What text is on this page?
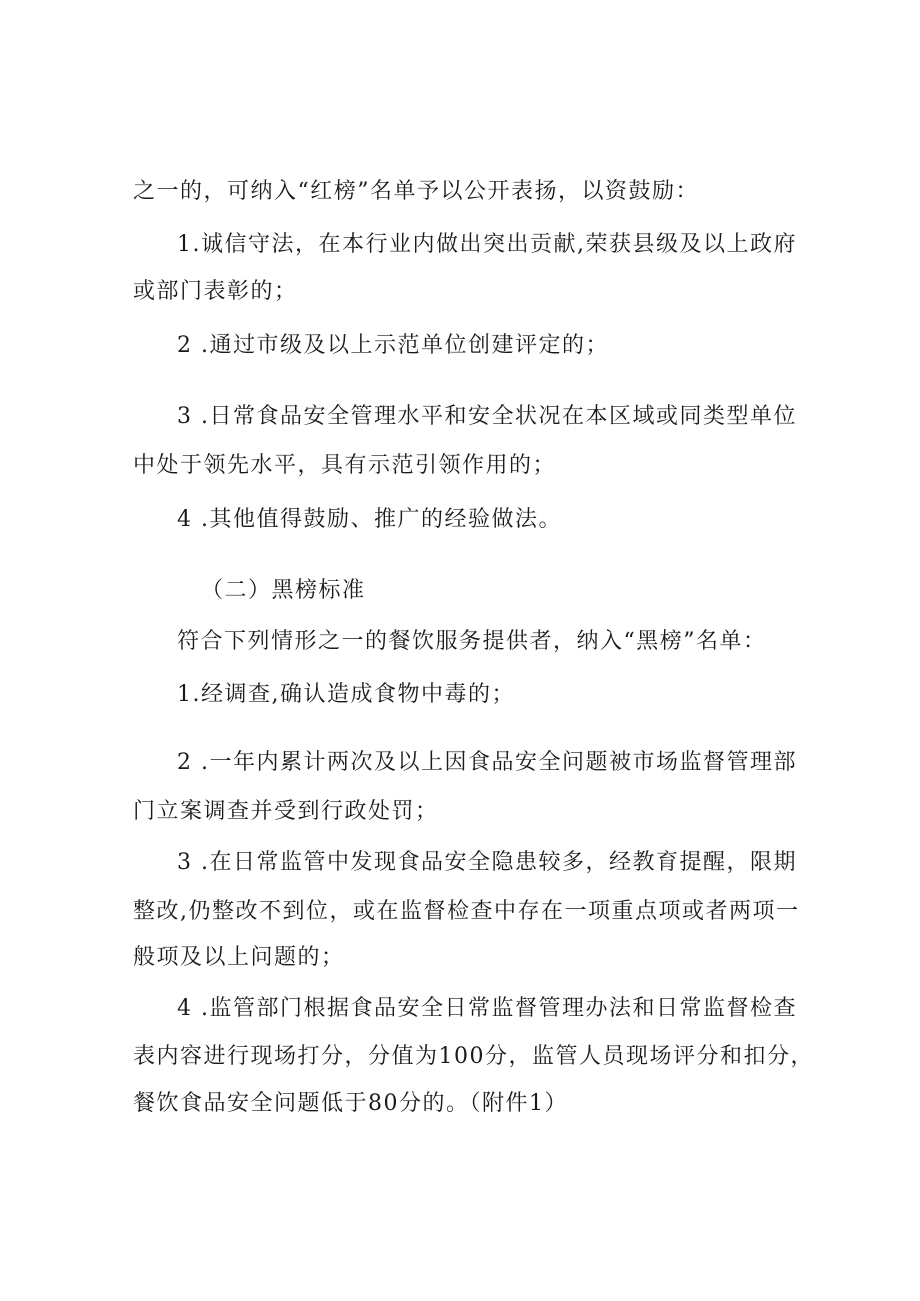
之一的，可纳入“红榜”名单予以公开表扬，以资鼓励：
1.诚信守法，在本行业内做出突出贡献,荣获县级及以上政府
或部门表彰的；
2 .通过市级及以上示范单位创建评定的；
3 .日常食品安全管理水平和安全状况在本区域或同类型单位
中处于领先水平，具有示范引领作用的；
4 .其他值得鼓励、推广的经验做法。
（二）黑榜标准
符合下列情形之一的餐饮服务提供者，纳入“黑榜”名单：
1.经调查,确认造成食物中毒的；
2 .一年内累计两次及以上因食品安全问题被市场监督管理部
门立案调查并受到行政处罚；
3 .在日常监管中发现食品安全隐患较多，经教育提醒，限期
整改,仍整改不到位，或在监督检查中存在一项重点项或者两项一
般项及以上问题的；
4 .监管部门根据食品安全日常监督管理办法和日常监督检查
表内容进行现场打分，分值为100分，监管人员现场评分和扣分，
餐饮食品安全问题低于80分的。（附件1）
